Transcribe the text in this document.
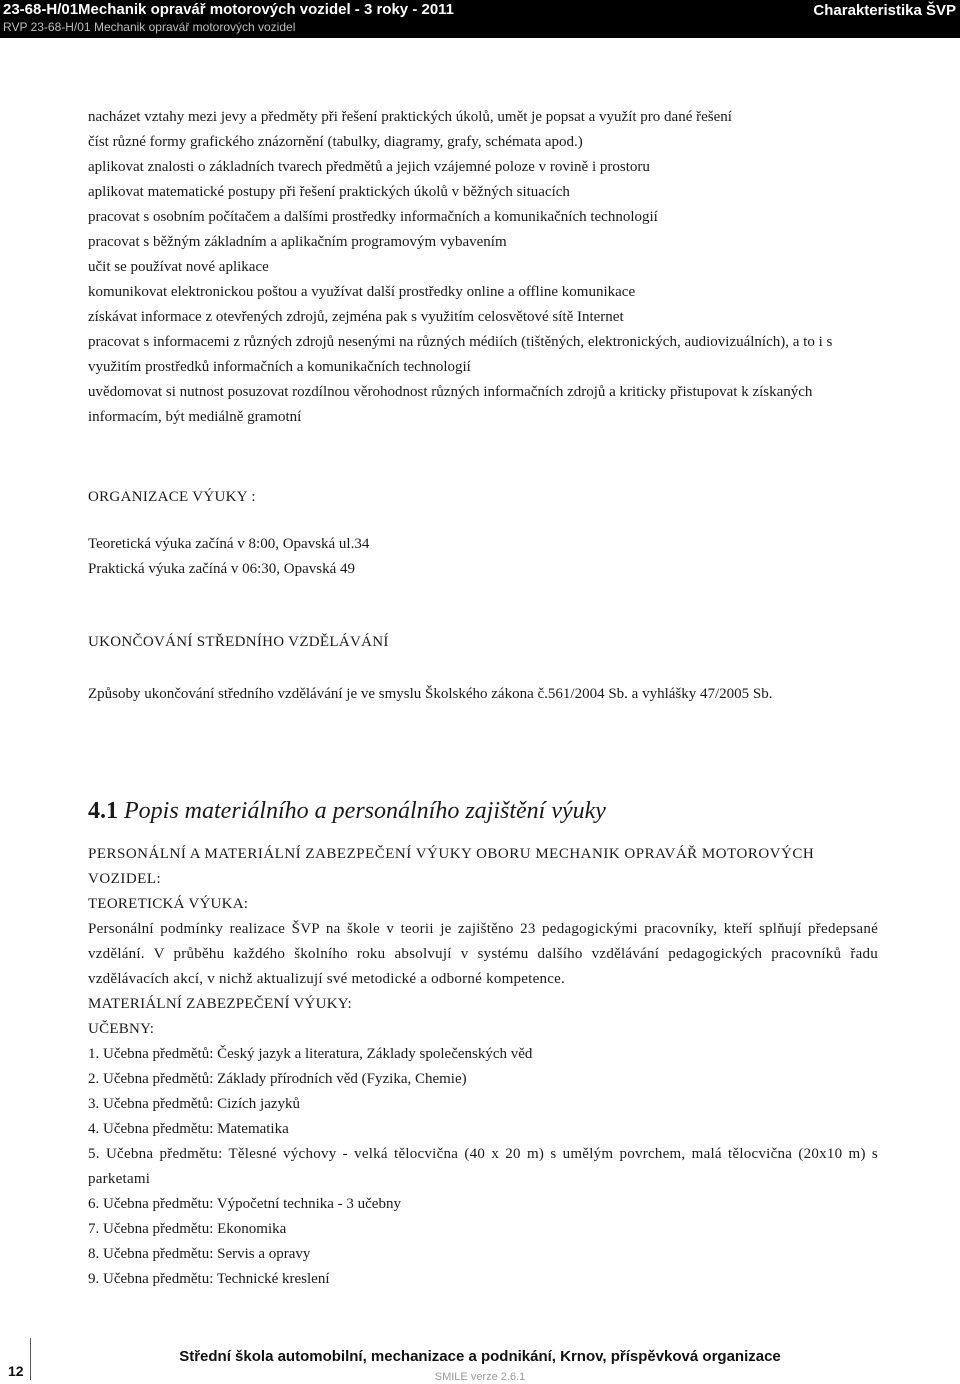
23-68-H/01Mechanik opravář motorových vozidel - 3 roky - 2011
RVP 23-68-H/01 Mechanik opravář motorových vozidel
Charakteristika ŠVP
nacházet vztahy mezi jevy a předměty při řešení praktických úkolů, umět je popsat a využít pro dané řešení
číst různé formy grafického znázornění (tabulky, diagramy, grafy, schémata apod.)
aplikovat znalosti o základních tvarech předmětů a jejich vzájemné poloze v rovině i prostoru
aplikovat matematické postupy při řešení praktických úkolů v běžných situacích
pracovat s osobním počítačem a dalšími prostředky informačních a komunikačních technologií
pracovat s běžným základním a aplikačním programovým vybavením
učit se používat nové aplikace
komunikovat elektronickou poštou a využívat další prostředky online a offline komunikace
získávat informace z otevřených zdrojů, zejména pak s využitím celosvětové sítě Internet
pracovat s informacemi z různých zdrojů nesenými na různých médiích (tištěných, elektronických, audiovizuálních), a to i s
využitím prostředků informačních a komunikačních technologií
uvědomovat si nutnost posuzovat rozdílnou věrohodnost různých informačních zdrojů a kriticky přistupovat k získaných
informacím, být mediálně gramotní
ORGANIZACE VÝUKY :
Teoretická výuka začíná v 8:00, Opavská ul.34
Praktická výuka začíná v 06:30, Opavská 49
UKONČOVÁNÍ STŘEDNÍHO VZDĚLÁVÁNÍ
Způsoby ukončování středního vzdělávání je ve smyslu Školského zákona č.561/2004 Sb. a vyhlášky 47/2005 Sb.
4.1 Popis materiálního a personálního zajištění výuky
PERSONÁLNÍ A MATERIÁLNÍ ZABEZPEČENÍ VÝUKY OBORU MECHANIK OPRAVÁŘ MOTOROVÝCH
VOZIDEL:
TEORETICKÁ VÝUKA:
Personální podmínky realizace ŠVP na škole v teorii je zajištěno 23 pedagogickými pracovníky, kteří splňují předepsané vzdělání. V průběhu každého školního roku absolvují v systému dalšího vzdělávání pedagogických pracovníků řadu vzdělávacích akcí, v nichž aktualizují své metodické a odborné kompetence.
MATERIÁLNÍ ZABEZPEČENÍ VÝUKY:
UČEBNY:
1. Učebna předmětů: Český jazyk a literatura, Základy společenských věd
2. Učebna předmětů: Základy přírodních věd (Fyzika, Chemie)
3. Učebna předmětů: Cizích jazyků
4. Učebna předmětu: Matematika
5. Učebna předmětu: Tělesné výchovy - velká tělocvična (40 x 20 m) s umělým povrchem, malá tělocvična (20x10 m) s parketami
6. Učebna předmětu: Výpočetní technika - 3 učebny
7. Učebna předmětu: Ekonomika
8. Učebna předmětu: Servis a opravy
9. Učebna předmětu: Technické kreslení
12
Střední škola automobilní, mechanizace a podnikání, Krnov, příspěvková organizace
SMILE verze 2.6.1
